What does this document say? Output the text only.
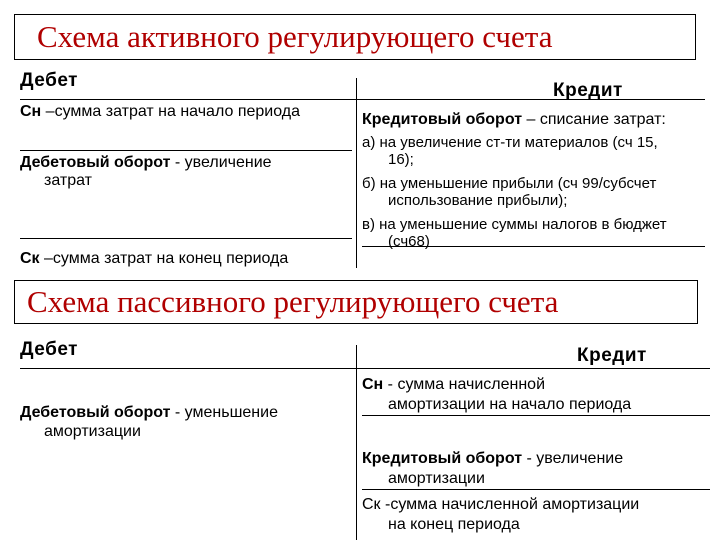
Схема активного регулирующего счета
Дебет	Кредит
Сн –сумма затрат на начало периода
Дебетовый оборот - увеличение
затрат
Ск –сумма затрат на конец периода
Кредитовый оборот – списание затрат:
а) на увеличение ст-ти материалов (сч 15,
16);
б) на уменьшение прибыли (сч 99/субсчет
использование прибыли);
в) на уменьшение суммы налогов в бюджет
(сч68)
Схема пассивного регулирующего счета
Дебет	Кредит
Дебетовый оборот - уменьшение
амортизации
Сн - сумма начисленной
амортизации на начало периода
Кредитовый оборот - увеличение
амортизации
Ск -сумма начисленной амортизации
на конец периода
